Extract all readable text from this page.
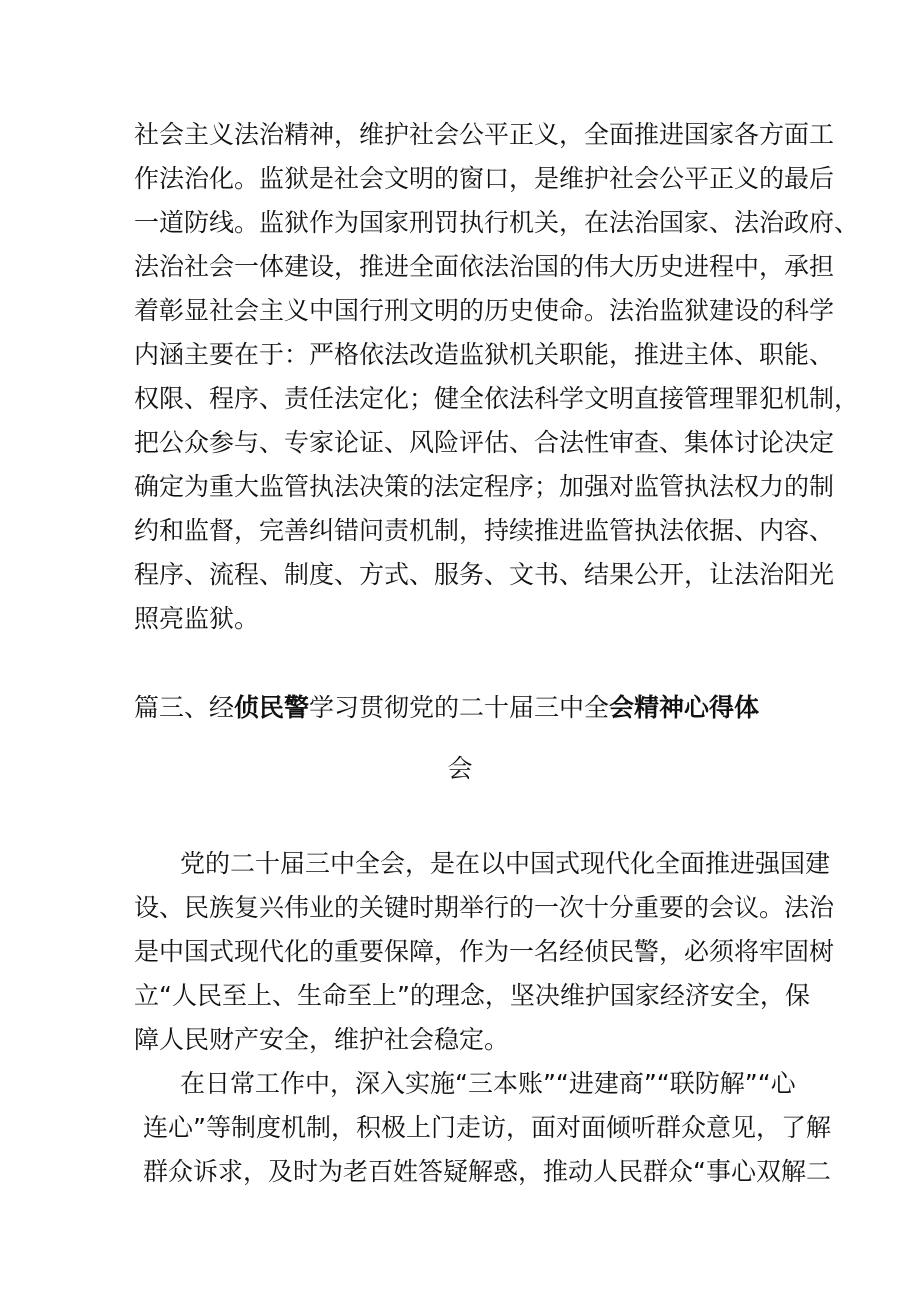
社会主义法治精神，维护社会公平正义，全面推进国家各方面工
作法治化。监狱是社会文明的窗口，是维护社会公平正义的最后
一道防线。监狱作为国家刑罚执行机关，在法治国家、法治政府、
法治社会一体建设，推进全面依法治国的伟大历史进程中，承担
着彰显社会主义中国行刑文明的历史使命。法治监狱建设的科学
内涵主要在于：严格依法改造监狱机关职能，推进主体、职能、
权限、程序、责任法定化；健全依法科学文明直接管理罪犯机制，
把公众参与、专家论证、风险评估、合法性审查、集体讨论决定
确定为重大监管执法决策的法定程序；加强对监管执法权力的制
约和监督，完善纠错问责机制，持续推进监管执法依据、内容、
程序、流程、制度、方式、服务、文书、结果公开，让法治阳光
照亮监狱。
篇三、经侦民警学习贯彻党的二十届三中全会精神心得体
会
党的二十届三中全会，是在以中国式现代化全面推进强国建
设、民族复兴伟业的关键时期举行的一次十分重要的会议。法治
是中国式现代化的重要保障，作为一名经侦民警，必须将牢固树
立“人民至上、生命至上”的理念，坚决维护国家经济安全，保
障人民财产安全，维护社会稳定。
在日常工作中，深入实施“三本账”“进建商”“联防解”“心
连心”等制度机制，积极上门走访，面对面倾听群众意见，了解
群众诉求，及时为老百姓答疑解惑，推动人民群众“事心双解二
